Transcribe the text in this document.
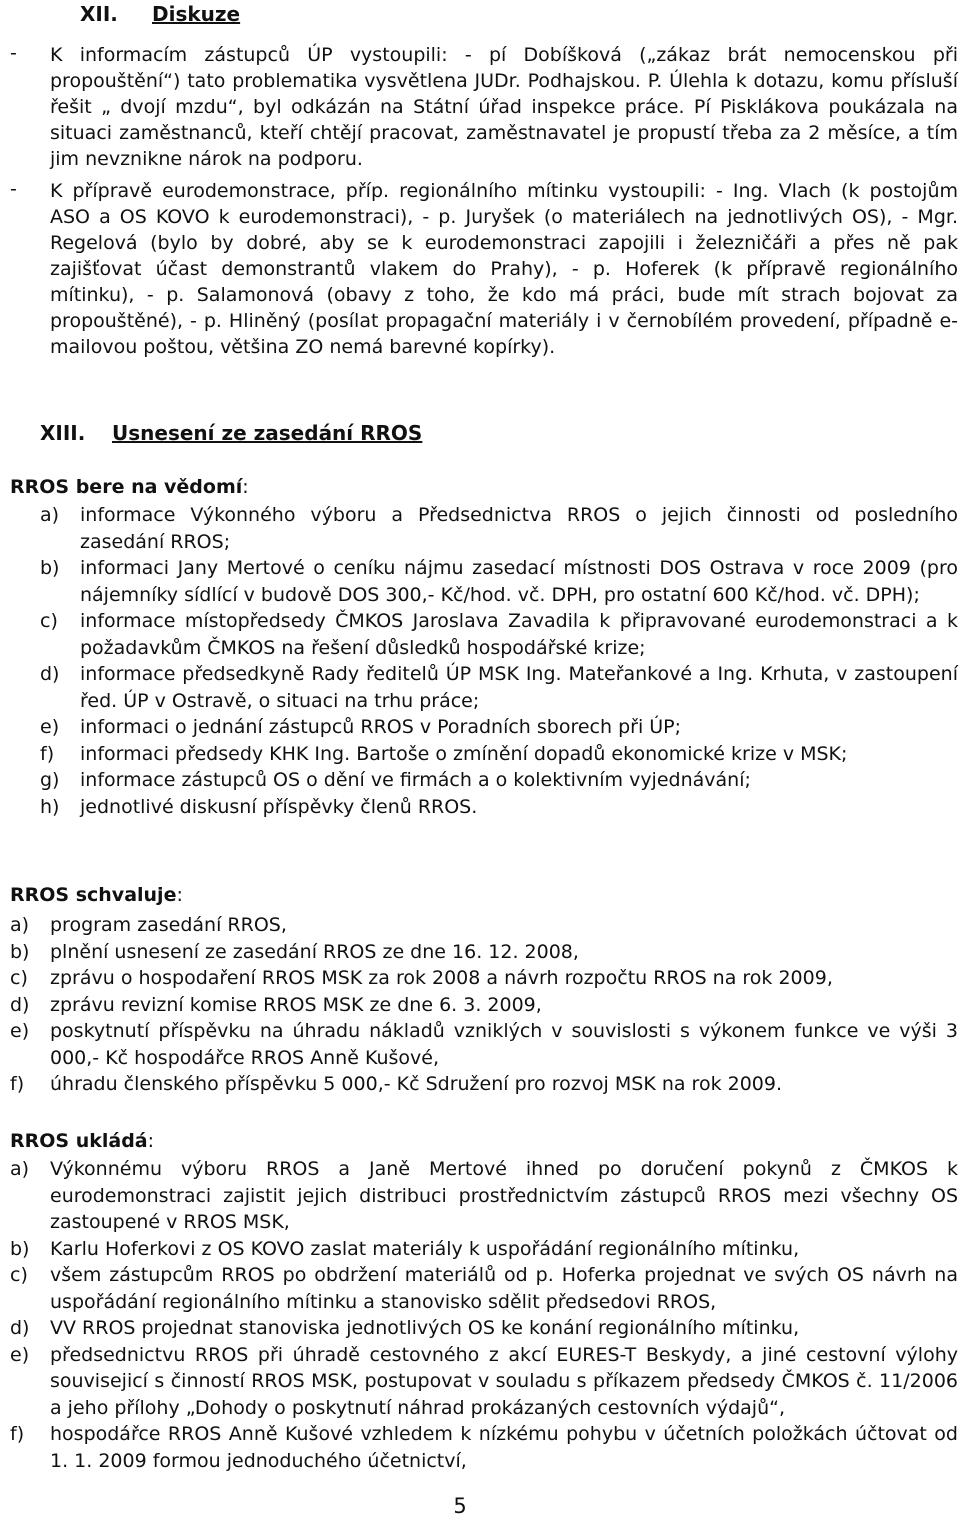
XII. Diskuze
-	K informacím zástupců ÚP vystoupili: - pí Dobíšková („zákaz brát nemocenskou při propouštění“) tato problematika vysvětlena JUDr. Podhajskou. P. Úlehla k dotazu, komu přísluší řešit „ dvojí mzdu“, byl odkázán na Státní úřad inspekce práce. Pí Pisklákova poukázala na situaci zaměstnanců, kteří chtějí pracovat, zaměstnavatel je propustí třeba za 2 měsíce, a tím jim nevznikne nárok na podporu.

-	K přípravě eurodemonstrace, příp. regionálního mítinku vystoupili: - Ing. Vlach (k postojům ASO a OS KOVO k eurodemonstraci), - p. Juryšek (o materiálech na jednotlivých OS), - Mgr. Regelová (bylo by dobré, aby se k eurodemonstraci zapojili i železničáři a přes ně pak zajišťovat účast demonstrantů vlakem do Prahy), - p. Hoferek (k přípravě regionálního mítinku), - p. Salamonová (obavy z toho, že kdo má práci, bude mít strach bojovat za propouštěné), - p. Hliněný (posílat propagační materiály i v černobílém provedení, případně e-mailovou poštou, většina ZO nemá barevné kopírky).

XIII. Usnesení ze zasedání RROS

RROS bere na vědomí:

a)	informace Výkonného výboru a Předsednictva RROS o jejich činnosti od posledního zasedání RROS;
b)	informaci Jany Mertové o ceníku nájmu zasedací místnosti DOS Ostrava v roce 2009 (pro nájemníky sídlící v budově DOS 300,- Kč/hod. vč. DPH, pro ostatní 600 Kč/hod. vč. DPH);
c)	informace místopředsedy ČMKOS Jaroslava Zavadila k připravované eurodemonstraci a k požadavkům ČMKOS na řešení důsledků hospodářské krize;
d)	informace předsedkyně Rady ředitelů ÚP MSK Ing. Mateřankové a Ing. Krhuta, v zastoupení řed. ÚP v Ostravě, o situaci na trhu práce;
e)	informaci o jednání zástupců RROS v Poradních sborech při ÚP;
f)	informaci předsedy KHK Ing. Bartoše o zmínění dopadů ekonomické krize v MSK;
g)	informace zástupců OS o dění ve firmách a o kolektivním vyjednávání;
h)	jednotlivé diskusní příspěvky členů RROS.

RROS schvaluje:

a)	program zasedání RROS,
b)	plnění usnesení ze zasedání RROS ze dne 16. 12. 2008,
c)	zprávu o hospodaření RROS MSK za rok 2008 a návrh rozpočtu RROS na rok 2009,
d)	zprávu revizní komise RROS MSK ze dne 6. 3. 2009,
e)	poskytnutí příspěvku na úhradu nákladů vzniklých v souvislosti s výkonem funkce ve výši 3 000,- Kč hospodářce RROS Anně Kušové,
f)	úhradu členského příspěvku 5 000,- Kč Sdružení pro rozvoj MSK na rok 2009.

RROS ukládá:

a)	Výkonnému výboru RROS a Janě Mertové ihned po doručení pokynů z ČMKOS k eurodemonstraci zajistit jejich distribuci prostřednictvím zástupců RROS mezi všechny OS zastoupené v RROS MSK,
b)	Karlu Hoferkovi z OS KOVO zaslat materiály k uspořádání regionálního mítinku,
c)	všem zástupcům RROS po obdržení materiálů od p. Hoferka projednat ve svých OS návrh na uspořádání regionálního mítinku a stanovisko sdělit předsedovi RROS,
d)	VV RROS projednat stanoviska jednotlivých OS ke konání regionálního mítinku,
e)	předsednictvu RROS při úhradě cestovného z akcí EURES-T Beskydy, a jiné cestovní výlohy souvisejicí s činností RROS MSK, postupovat v souladu s příkazem předsedy ČMKOS č. 11/2006 a jeho přílohy „Dohody o poskytnutí náhrad prokázaných cestovních výdajů“,
f)	hospodářce RROS Anně Kušové vzhledem k nízkému pohybu v účetních položkách účtovat od 1. 1. 2009 formou jednoduchého účetnictví,
5
